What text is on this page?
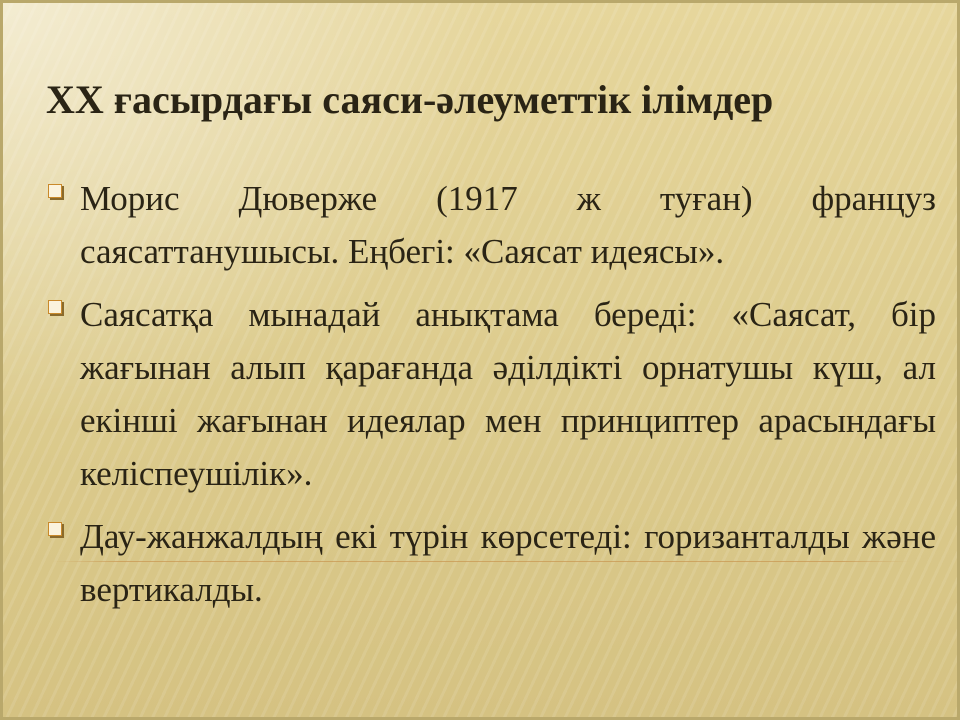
XX ғасырдағы саяси-әлеуметтік ілімдер
Морис Дюверже (1917 ж туған) француз саясаттанушысы. Еңбегі: «Саясат идеясы».
Саясатқа мынадай анықтама береді: «Саясат, бір жағынан алып қарағанда әділдікті орнатушы күш, ал екінші жағынан идеялар мен принциптер арасындағы келіспеушілік».
Дау-жанжалдың екі түрін көрсетеді: горизанталды және вертикалды.
